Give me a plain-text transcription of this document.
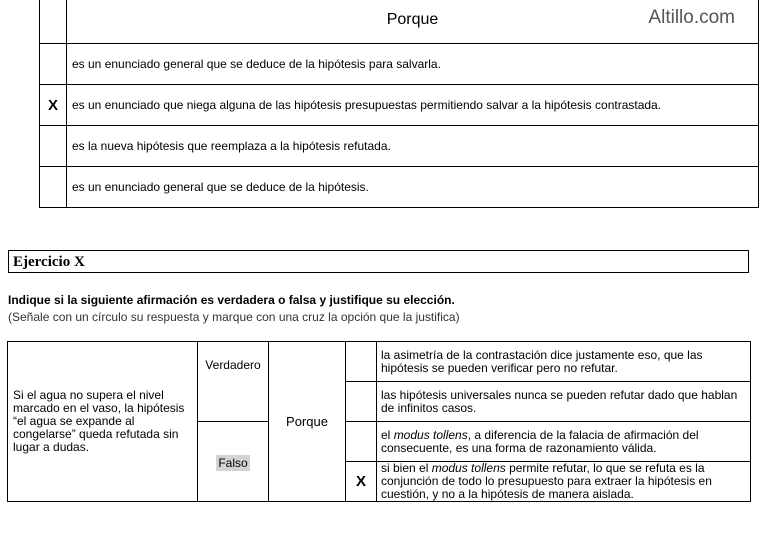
	Porque Altillo.com

	es un enunciado general que se deduce de la hipótesis para salvarla.
X	es un enunciado que niega alguna de las hipótesis presupuestas permitiendo salvar a la hipótesis contrastada.
	es la nueva hipótesis que reemplaza a la hipótesis refutada.
	es un enunciado general que se deduce de la hipótesis.
Ejercicio X
Indique si la siguiente afirmación es verdadera o falsa y justifique su elección.
(Señale con un círculo su respuesta y marque con una cruz la opción que la justifica)
Si el agua no supera el nivel marcado en el vaso, la hipótesis “el agua se expande al congelarse” queda refutada sin lugar a dudas.	Verdadero	Porque		la asimetría de la contrastación dice justamente eso, que las hipótesis se pueden verificar pero no refutar.
				las hipótesis universales nunca se pueden refutar dado que hablan de infinitos casos.
	Falso			el modus tollens, a diferencia de la falacia de afirmación del consecuente, es una forma de razonamiento válida.
			X	si bien el modus tollens permite refutar, lo que se refuta es la conjunción de todo lo presupuesto para extraer la hipótesis en cuestión, y no a la hipótesis de manera aislada.
